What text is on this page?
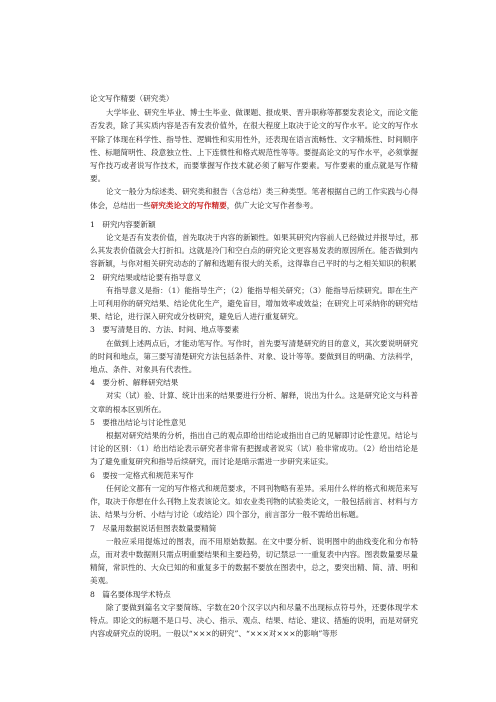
论文写作精要（研究类）

大学毕业、研究生毕业、博士生毕业、做课题、报成果、晋升职称等都要发表论文，而论文能否发表，除了其实质内容是否有发表价值外，在很大程度上取决于论文的写作水平。论文的写作水平除了体现在科学性、指导性、逻辑性和实用性外，还表现在语言流畅性、文字精炼性、时间顺序性、标题简明性、段意独立性、上下连惯性和格式规范性等等。要提高论文的写作水平，必须掌握写作技巧或者说写作技术，而要掌握写作技术就必须了解写作要素。写作要素的重点就是写作精要。

论文一般分为综述类、研究类和报告（含总结）类三种类型。笔者根据自己的工作实践与心得体会，总结出一些研究类论文的写作精要，供广大论文写作者参考。

1　研究内容要新颖

论文是否有发表价值，首先取决于内容的新颖性。如果其研究内容前人已经做过并报导过，那么其发表价值就会大打折扣。这就是冷门和空白点的研究论文更容易发表的原因所在。能否做到内容新颖，与你对相关研究动态的了解和选题有很大的关系，这得靠自己平时的与之相关知识的积累

2　研究结果或结论要有指导意义

有指导意义是指：（1）能指导生产；（2）能指导相关研究；（3）能指导后续研究。即在生产上可利用你的研究结果、结论优化生产，避免盲目，增加效率或效益；在研究上可采纳你的研究结果、结论，进行深入研究或分枝研究，避免后人进行重复研究。

3　要写清楚目的、方法、时间、地点等要素

在做到上述两点后，才能动笔写作。写作时，首先要写清楚研究的目的意义，其次要说明研究的时间和地点，第三要写清楚研究方法包括条件、对象、设计等等。要做到目的明确、方法科学，地点、条件、对象具有代表性。

4　要分析、解释研究结果

对实（试）验、计算、统计出来的结果要进行分析、解释，说出为什么。这是研究论文与科普文章的根本区别所在。

5　要推出结论与讨论性意见

根据对研究结果的分析，指出自己的观点即给出结论或指出自己的见解即讨论性意见。结论与讨论的区别：（1）给出结论表示研究者非常有把握或者说实（试）验非常成功。（2）给出结论是为了避免重复研究和指导后续研究，而讨论是暗示需进一步研究来证实。

6　要按一定格式和规范来写作

任何论文都有一定的写作格式和规范要求，不同刊物略有差异。采用什么样的格式和规范来写作，取决于你想在什么刊物上发表该论文。如农业类刊物的试验类论文，一般包括前言、材料与方法、结果与分析、小结与讨论（或结论）四个部分，前言部分一般不需给出标题。

7　尽量用数据说话但图表数量要精简

一般应采用提炼过的图表，而不用原始数据。在文中要分析、说明图中的曲线变化和分布特点，而对表中数据则只需点明重要结果和主要趋势，切记禁忌一一重复表中内容。图表数量要尽量精简，常识性的、大众已知的和重复多于的数据不要放在图表中，总之，要突出精、简、清、明和美观。

8　篇名要体现学术特点

除了要做到篇名文字要简练、字数在20个汉字以内和尽量不出现标点符号外，还要体现学术特点。即论文的标题不是口号、决心、指示、观点、结果、结论、建议、措施的说明，而是对研究内容或研究点的说明。一般以“×××的研究”、“×××对×××的影响”等形
